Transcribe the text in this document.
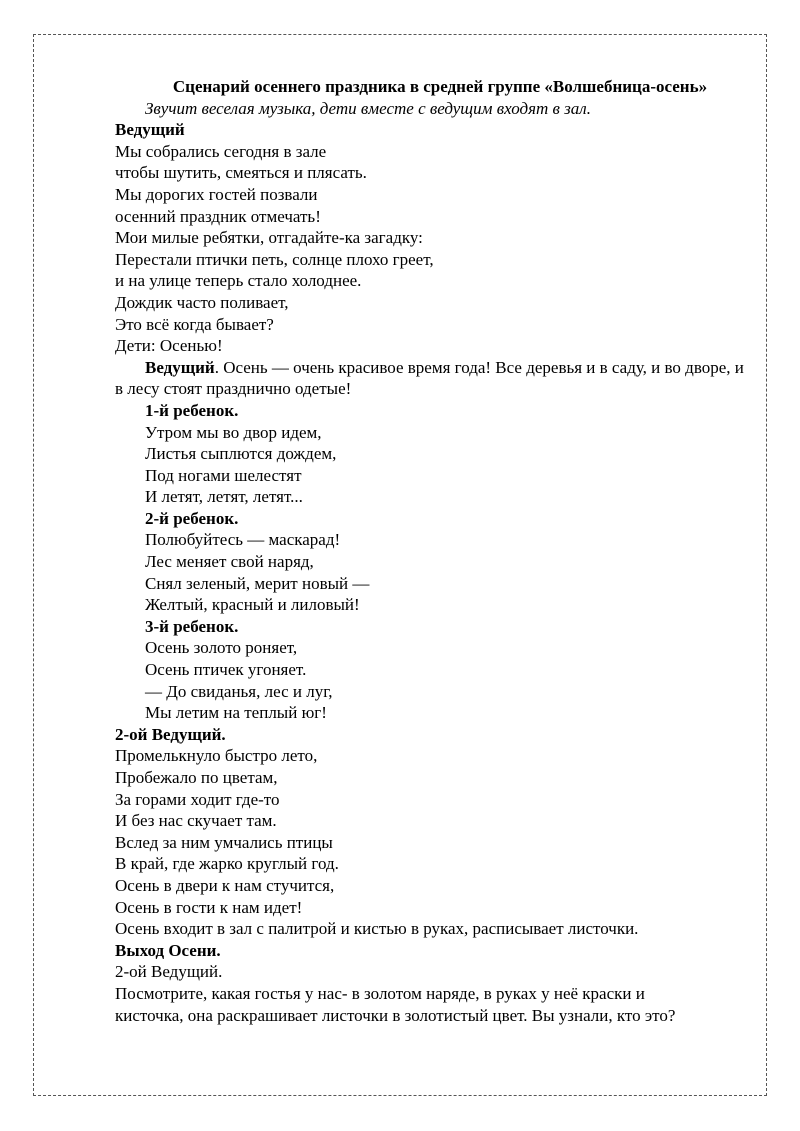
Сценарий осеннего праздника в средней группе «Волшебница-осень»
Звучит веселая музыка, дети вместе с ведущим входят в зал.
Ведущий
Мы собрались сегодня в зале
чтобы шутить, смеяться и плясать.
Мы дорогих гостей позвали
осенний праздник отмечать!
Мои милые ребятки, отгадайте-ка загадку:
Перестали птички петь, солнце плохо греет,
и на улице теперь стало холоднее.
Дождик часто поливает,
Это всё когда бывает?
Дети: Осенью!
Ведущий. Осень — очень красивое время года! Все деревья и в саду, и во дворе, и в лесу стоят празднично одетые!
1-й ребенок.
Утром мы во двор идем,
Листья сыплются дождем,
Под ногами шелестят
И летят, летят, летят...
2-й ребенок.
Полюбуйтесь — маскарад!
Лес меняет свой наряд,
Снял зеленый, мерит новый —
Желтый, красный и лиловый!
3-й ребенок.
Осень золото роняет,
Осень птичек угоняет.
— До свиданья, лес и луг,
Мы летим на теплый юг!
2-ой Ведущий.
Промелькнуло быстро лето,
Пробежало по цветам,
За горами ходит где-то
И без нас скучает там.
Вслед за ним умчались птицы
В край, где жарко круглый год.
Осень в двери к нам стучится,
Осень в гости к нам идет!
Осень входит в зал с палитрой и кистью в руках, расписывает листочки.
Выход Осени.
2-ой Ведущий.
Посмотрите, какая гостья у нас- в золотом наряде, в руках у неё краски и
кисточка, она раскрашивает листочки в золотистый цвет. Вы узнали, кто это?
